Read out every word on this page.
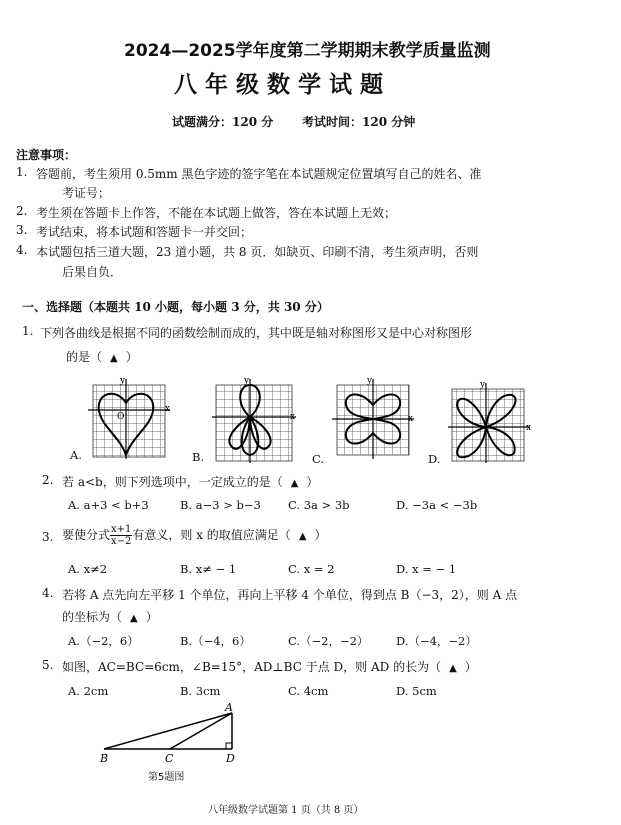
2024—2025学年度第二学期期末教学质量监测
八年级数学试题
试题满分：120 分 考试时间：120 分钟
注意事项：
1. 答题前，考生须用 0.5mm 黑色字迹的签字笔在本试题规定位置填写自己的姓名、准
考证号；
2. 考生须在答题卡上作答，不能在本试题上做答，答在本试题上无效；
3. 考试结束，将本试题和答题卡一并交回；
4. 本试题包括三道大题，23 道小题，共 8 页．如缺页、印刷不清，考生须声明，否则
后果自负．
一、选择题（本题共 10 小题，每小题 3 分，共 30 分）
1. 下列各曲线是根据不同的函数绘制而成的，其中既是轴对称图形又是中心对称图形
的是（ ▲ ）
y
x
O
y
x
y
x
y
x
A.	B.	C.	D.
2. 若 a<b，则下列选项中，一定成立的是（ ▲ ）
A. a+3 < b+3	B. a−3 > b−3 C. 3a > 3b	D. −3a < −3b
3. 要使分式 $\frac{x+1}{x-2}$ 有意义，则 x 的取值应满足（ ▲ ）
A. x≠2	B. x≠ − 1	C. x = 2	D. x = − 1
4. 若将 A 点先向左平移 1 个单位，再向上平移 4 个单位，得到点 B（−3，2），则 A 点
的坐标为（ ▲ ）
A.（−2，6）	B.（−4，6）	C.（−2，−2） D.（−4，−2）
5. 如图，AC=BC=6cm，∠B=15°，AD⊥BC 于点 D，则 AD 的长为（ ▲ ）
A. 2cm	B. 3cm	C. 4cm	D. 5cm
A
B	C	D
第5题图
八年级数学试题第 1 页（共 8 页）
